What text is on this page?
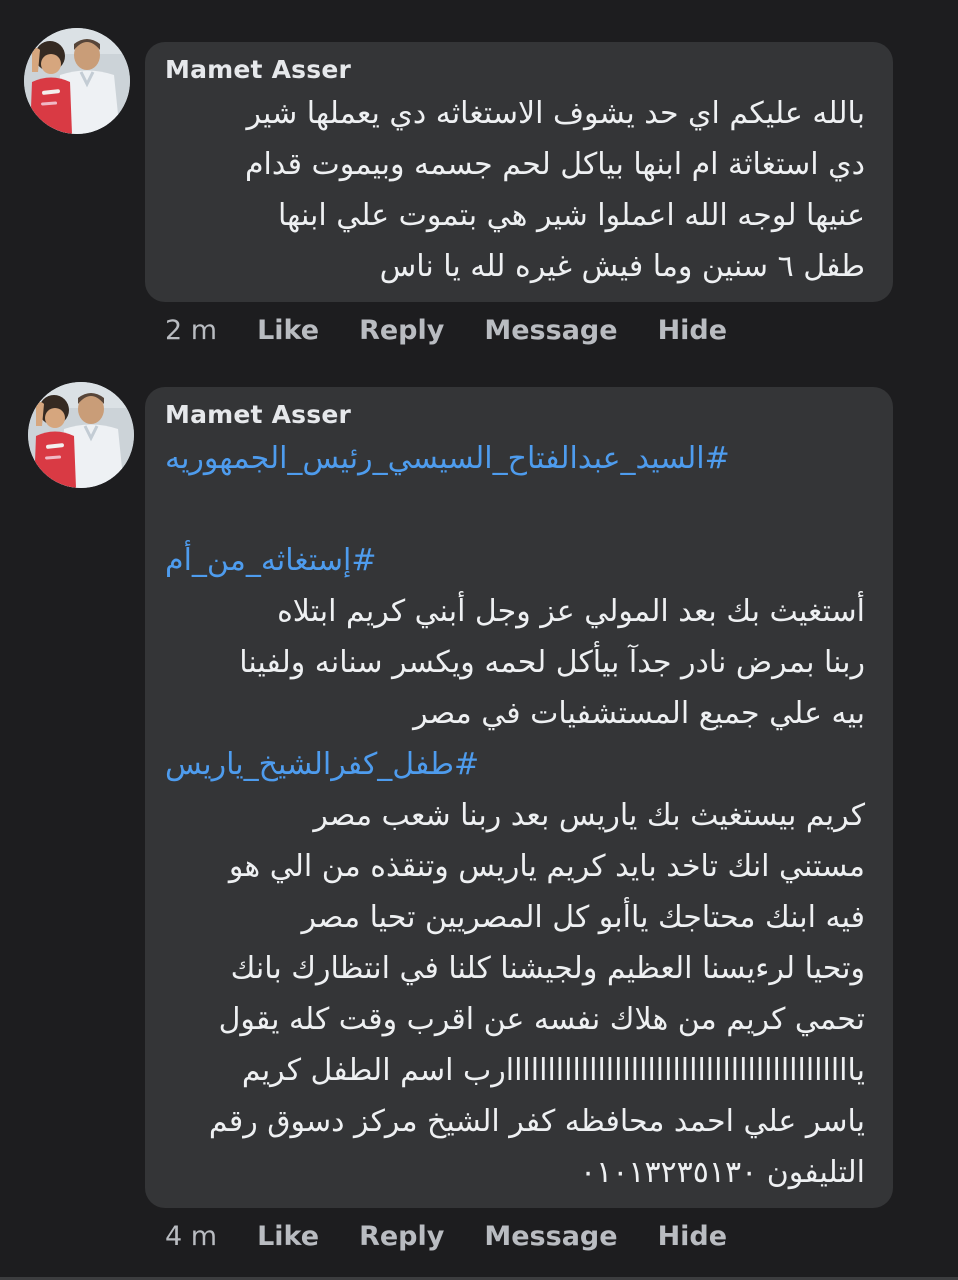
Mamet Asser
بالله عليكم اي حد يشوف الاستغاثه دي يعملها شير
دي استغاثة ام ابنها بياكل لحم جسمه وبيموت قدام
عنيها لوجه الله اعملوا شير هي بتموت علي ابنها
طفل ٦ سنين وما فيش غيره لله يا ناس
2 m Like Reply Message Hide
Mamet Asser
#السيد_عبدالفتاح_السيسي_رئيس_الجمهوريه
#إستغاثه_من_أم
أستغيث بك بعد المولي عز وجل أبني كريم ابتلاه
ربنا بمرض نادر جدآ بيأكل لحمه ويكسر سنانه ولفينا
بيه علي جميع المستشفيات في مصر
#طفل_كفرالشيخ_ياريس
كريم بيستغيث بك ياريس بعد ربنا شعب مصر
مستني انك تاخد بايد كريم ياريس وتنقذه من الي هو
فيه ابنك محتاجك ياأبو كل المصريين تحيا مصر
وتحيا لرءيسنا العظيم ولجيشنا كلنا في انتظارك بانك
تحمي كريم من هلاك نفسه عن اقرب وقت كله يقول
ياااااااااااااااااااااااااااااااااااااااااارب اسم الطفل كريم
ياسر علي احمد محافظه كفر الشيخ مركز دسوق رقم
التليفون ٠١٠١٣٢٣٥١٣٠
4 m Like Reply Message Hide
